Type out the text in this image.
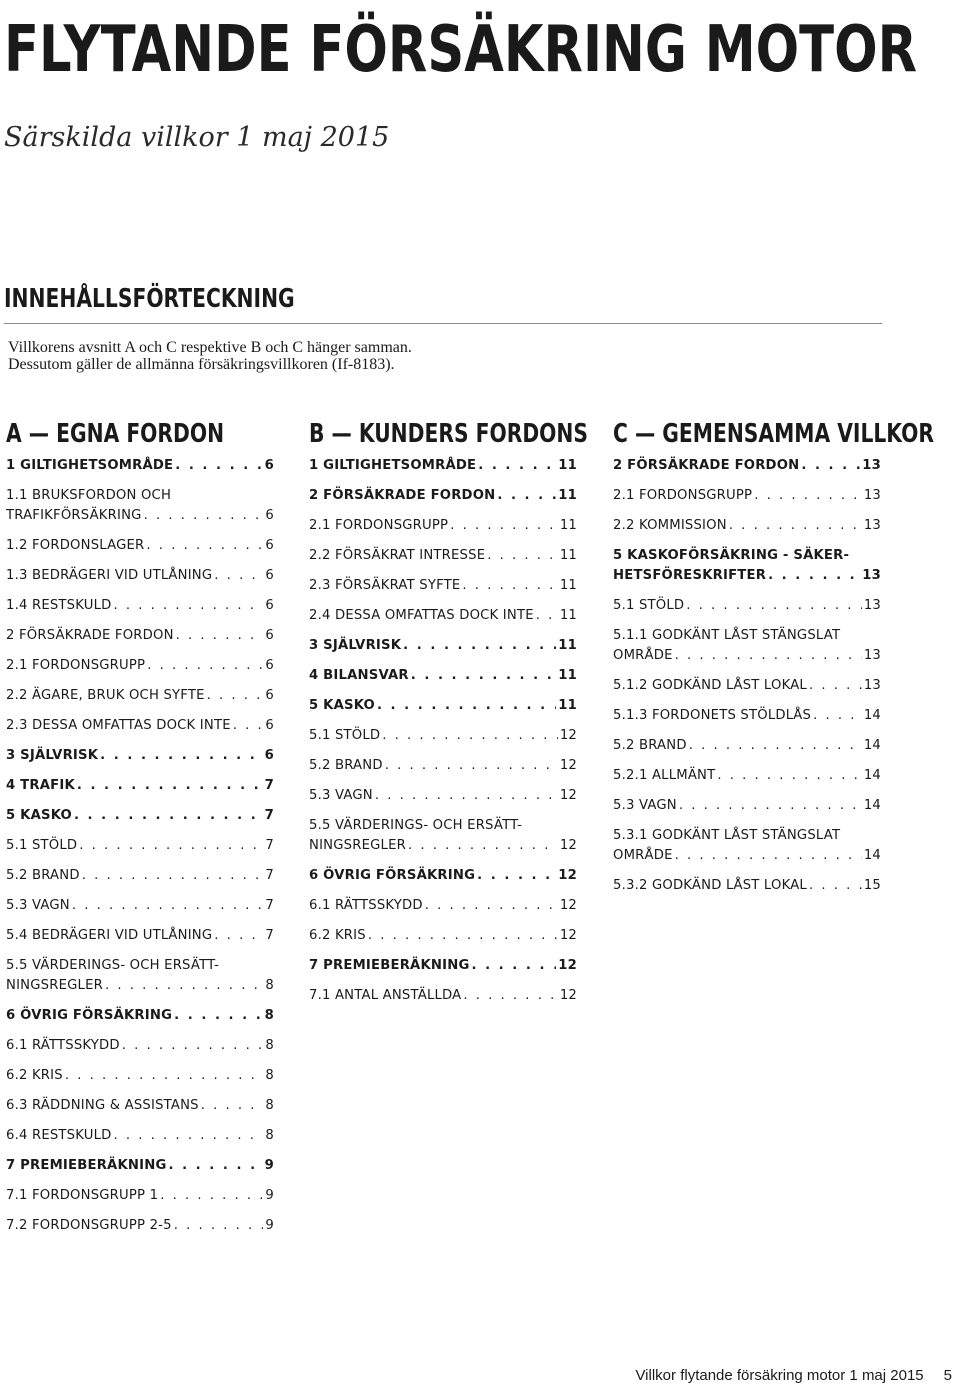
FLYTANDE FÖRSÄKRING MOTOR
Särskilda villkor 1 maj 2015
INNEHÅLLSFÖRTECKNING
Villkorens avsnitt A och C respektive B och C hänger samman.
Dessutom gäller de allmänna försäkringsvillkoren (If-8183).
A — EGNA FORDON
1 GILTIGHETSOMRÅDE . . .	6
1.1 BRUKSFORDON OCH
TRAFIKFÖRSÄKRING . . .	6
1.2 FORDONSLAGER . . .	6
1.3 BEDRÄGERI VID UTLÅNING . . .	6
1.4 RESTSKULD . . .	6
2 FÖRSÄKRADE FORDON . . .	6
2.1 FORDONSGRUPP . . .	6
2.2 ÄGARE, BRUK OCH SYFTE . . .	6
2.3 DESSA OMFATTAS DOCK INTE . . .	6
3 SJÄLVRISK . . .	6
4 TRAFIK . . .	7
5 KASKO . . .	7
5.1 STÖLD . . .	7
5.2 BRAND . . .	7
5.3 VAGN . . .	7
5.4 BEDRÄGERI VID UTLÅNING . . .	7
5.5 VÄRDERINGS- OCH ERSÄTT-
NINGSREGLER . . .	8
6 ÖVRIG FÖRSÄKRING . . .	8
6.1 RÄTTSSKYDD . . .	8
6.2 KRIS . . .	8
6.3 RÄDDNING & ASSISTANS . . .	8
6.4 RESTSKULD . . .	8
7 PREMIEBERÄKNING . . .	9
7.1 FORDONSGRUPP 1 . . .	9
7.2 FORDONSGRUPP 2-5 . . .	9
B — KUNDERS FORDONS
1 GILTIGHETSOMRÅDE . . .	11
2 FÖRSÄKRADE FORDON . . .	11
2.1 FORDONSGRUPP . . .	11
2.2 FÖRSÄKRAT INTRESSE . . .	11
2.3 FÖRSÄKRAT SYFTE . . .	11
2.4 DESSA OMFATTAS DOCK INTE . . . 11
3 SJÄLVRISK . . .	11
4 BILANSVAR . . .	11
5 KASKO . . .	11
5.1 STÖLD . . .	12
5.2 BRAND . . .	12
5.3 VAGN . . .	12
5.5 VÄRDERINGS- OCH ERSÄTT-
NINGSREGLER . . .	12
6 ÖVRIG FÖRSÄKRING . . .	12
6.1 RÄTTSSKYDD . . .	12
6.2 KRIS . . .	12
7 PREMIEBERÄKNING . . .	12
7.1 ANTAL ANSTÄLLDA . . .	12
C — GEMENSAMMA VILLKOR
2 FÖRSÄKRADE FORDON . . .	13
2.1 FORDONSGRUPP . . .	13
2.2 KOMMISSION . . .	13
5 KASKOFÖRSÄKRING - SÄKER-
HETSFÖRESKRIFTER . . .	13
5.1 STÖLD . . .	13
5.1.1 GODKÄNT LÅST STÄNGSLAT
OMRÅDE . . .	13
5.1.2 GODKÄND LÅST LOKAL . . .	13
5.1.3 FORDONETS STÖLDLÅS . . .	14
5.2 BRAND . . .	14
5.2.1 ALLMÄNT . . .	14
5.3 VAGN . . .	14
5.3.1 GODKÄNT LÅST STÄNGSLAT
OMRÅDE . . .	14
5.3.2 GODKÄND LÅST LOKAL . . .	15
Villkor flytande försäkring motor 1 maj 2015 5
